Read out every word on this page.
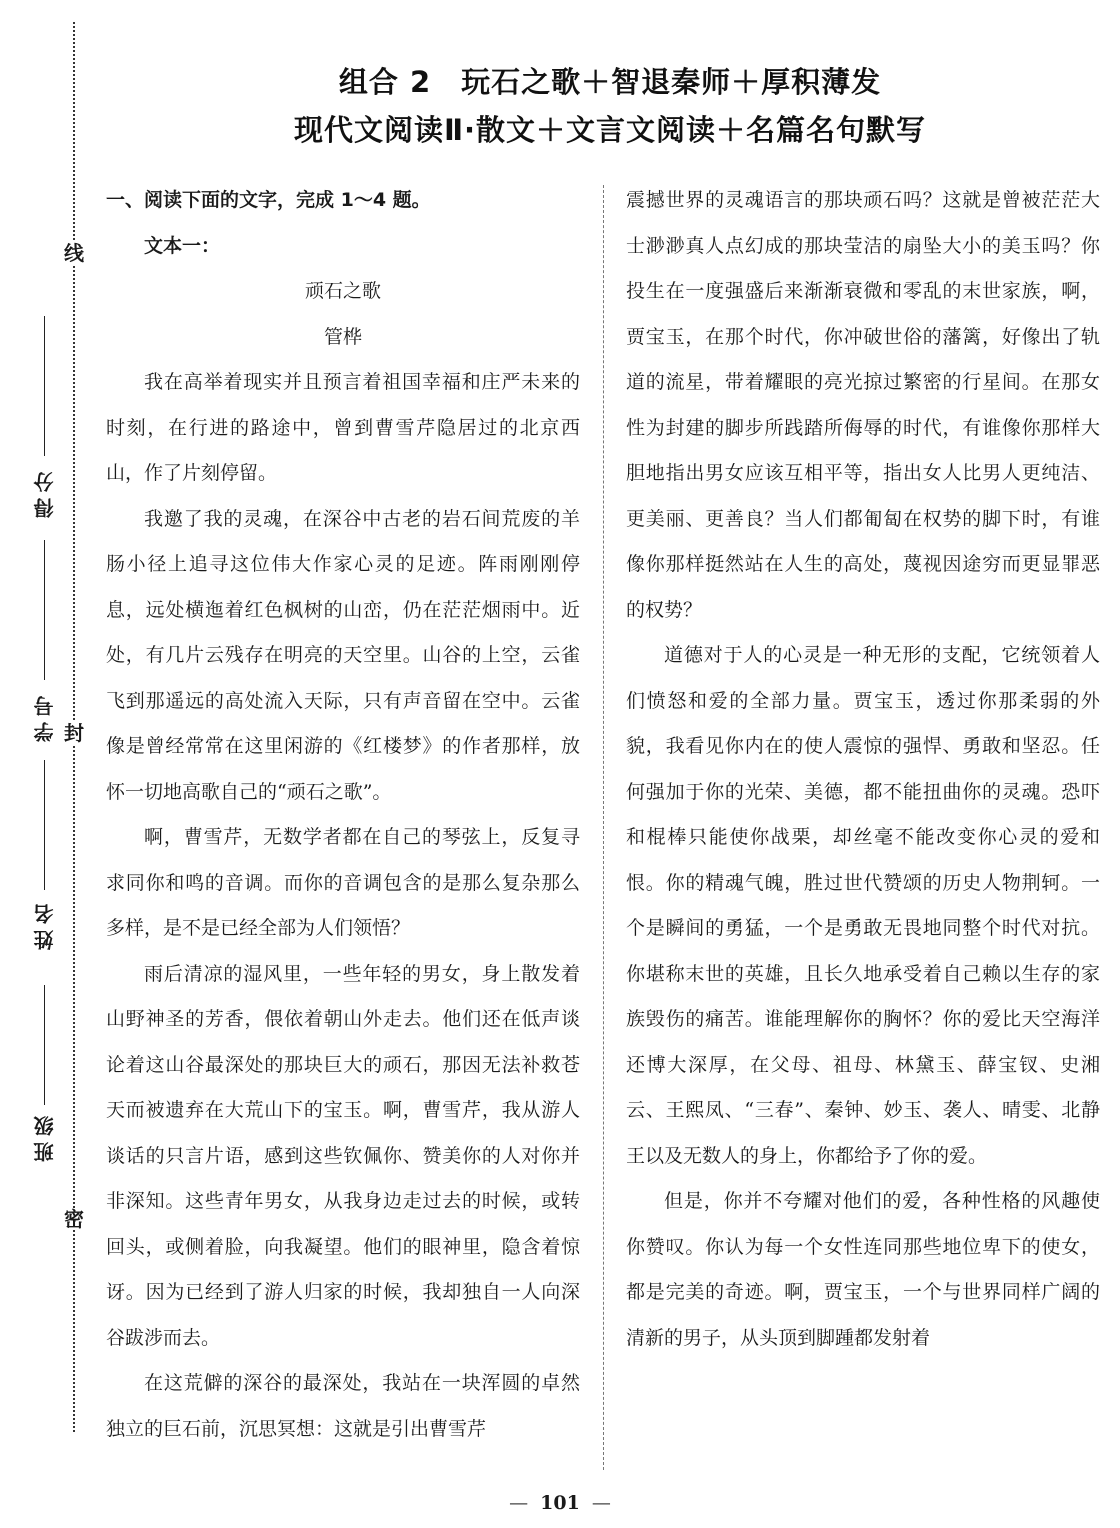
线
封
密
得分
学号
姓名
班级
组合 2　玩石之歌＋智退秦师＋厚积薄发
现代文阅读Ⅱ·散文＋文言文阅读＋名篇名句默写

一、阅读下面的文字，完成 1～4 题。

文本一：

顽石之歌

管桦

我在高举着现实并且预言着祖国幸福和庄严未来的时刻，在行进的路途中，曾到曹雪芹隐居过的北京西山，作了片刻停留。

我邀了我的灵魂，在深谷中古老的岩石间荒废的羊肠小径上追寻这位伟大作家心灵的足迹。阵雨刚刚停息，远处横迤着红色枫树的山峦，仍在茫茫烟雨中。近处，有几片云残存在明亮的天空里。山谷的上空，云雀飞到那遥远的高处流入天际，只有声音留在空中。云雀像是曾经常常在这里闲游的《红楼梦》的作者那样，放怀一切地高歌自己的“顽石之歌”。

啊，曹雪芹，无数学者都在自己的琴弦上，反复寻求同你和鸣的音调。而你的音调包含的是那么复杂那么多样，是不是已经全部为人们领悟？

雨后清凉的湿风里，一些年轻的男女，身上散发着山野神圣的芳香，偎依着朝山外走去。他们还在低声谈论着这山谷最深处的那块巨大的顽石，那因无法补救苍天而被遗弃在大荒山下的宝玉。啊，曹雪芹，我从游人谈话的只言片语，感到这些钦佩你、赞美你的人对你并非深知。这些青年男女，从我身边走过去的时候，或转回头，或侧着脸，向我凝望。他们的眼神里，隐含着惊讶。因为已经到了游人归家的时候，我却独自一人向深谷跋涉而去。

在这荒僻的深谷的最深处，我站在一块浑圆的卓然独立的巨石前，沉思冥想：这就是引出曹雪芹

震撼世界的灵魂语言的那块顽石吗？这就是曾被茫茫大士渺渺真人点幻成的那块莹洁的扇坠大小的美玉吗？你投生在一度强盛后来渐渐衰微和零乱的末世家族，啊，贾宝玉，在那个时代，你冲破世俗的藩篱，好像出了轨道的流星，带着耀眼的亮光掠过繁密的行星间。在那女性为封建的脚步所践踏所侮辱的时代，有谁像你那样大胆地指出男女应该互相平等，指出女人比男人更纯洁、更美丽、更善良？当人们都匍匐在权势的脚下时，有谁像你那样挺然站在人生的高处，蔑视因途穷而更显罪恶的权势？

道德对于人的心灵是一种无形的支配，它统领着人们愤怒和爱的全部力量。贾宝玉，透过你那柔弱的外貌，我看见你内在的使人震惊的强悍、勇敢和坚忍。任何强加于你的光荣、美德，都不能扭曲你的灵魂。恐吓和棍棒只能使你战栗，却丝毫不能改变你心灵的爱和恨。你的精魂气魄，胜过世代赞颂的历史人物荆轲。一个是瞬间的勇猛，一个是勇敢无畏地同整个时代对抗。你堪称末世的英雄，且长久地承受着自己赖以生存的家族毁伤的痛苦。谁能理解你的胸怀？你的爱比天空海洋还博大深厚，在父母、祖母、林黛玉、薛宝钗、史湘云、王熙凤、“三春”、秦钟、妙玉、袭人、晴雯、北静王以及无数人的身上，你都给予了你的爱。

但是，你并不夸耀对他们的爱，各种性格的风趣使你赞叹。你认为每一个女性连同那些地位卑下的使女，都是完美的奇迹。啊，贾宝玉，一个与世界同样广阔的清新的男子，从头顶到脚踵都发射着

— 101 —
